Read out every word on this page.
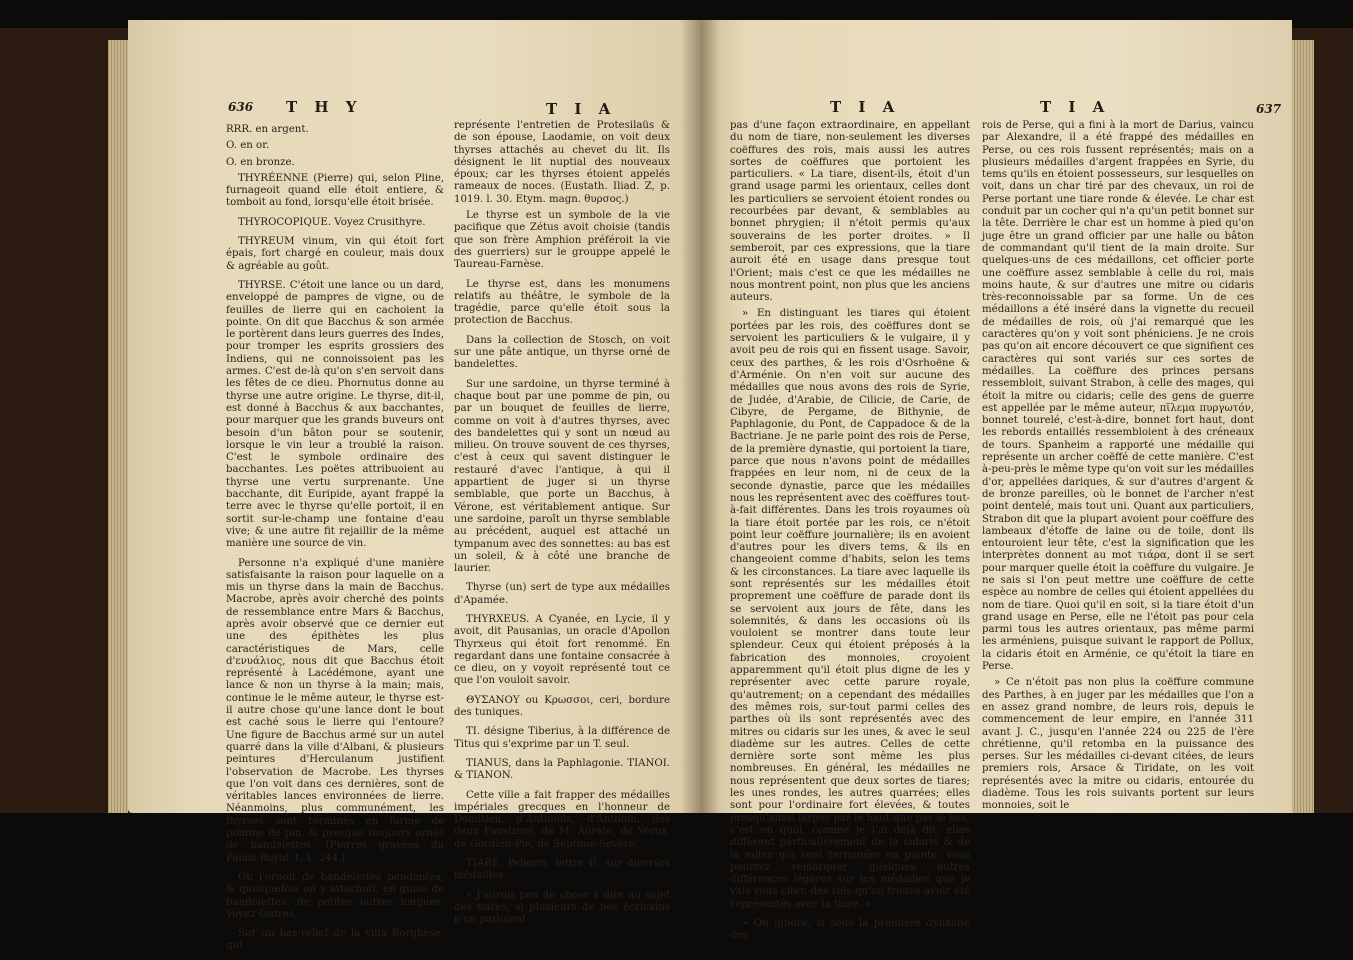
636 T H Y	T I A

RRR. en argent.

O. en or.

O. en bronze.

THYRÉENNE (Pierre) qui, selon Pline, furnageoit quand elle étoit entiere, & tomboit au fond, lorsqu'elle étoit brisée.

THYROCOPIQUE. Voyez Crusithyre.

THYREUM vinum, vin qui étoit fort épais, fort chargé en couleur, mais doux & agréable au goût.

THYRSE. C'étoit une lance ou un dard, enveloppé de pampres de vigne, ou de feuilles de lierre qui en cachoient la pointe. On dit que Bacchus & son armée le portèrent dans leurs guerres des Indes, pour tromper les esprits grossiers des Indiens, qui ne connoissoient pas les armes. C'est de-là qu'on s'en servoit dans les fêtes de ce dieu. Phornutus donne au thyrse une autre origine. Le thyrse, dit-il, est donné à Bacchus & aux bacchantes, pour marquer que les grands buveurs ont besoin d'un bâton pour se soutenir, lorsque le vin leur a troublé la raison. C'est le symbole ordinaire des bacchantes. Les poëtes attribuoient au thyrse une vertu surprenante. Une bacchante, dit Euripide, ayant frappé la terre avec le thyrse qu'elle portoit, il en sortit sur-le-champ une fontaine d'eau vive; & une autre fit rejaillir de la même manière une source de vin.

Personne n'a expliqué d'une manière satisfaisante la raison pour laquelle on a mis un thyrse dans la main de Bacchus. Macrobe, après avoir cherché des points de ressemblance entre Mars & Bacchus, après avoir observé que ce dernier eut une des épithètes les plus caractéristiques de Mars, celle d'ενυάλιος, nous dit que Bacchus étoit représenté à Lacédémone, ayant une lance & non un thyrse à la main; mais, continue le le même auteur, le thyrse est-il autre chose qu'une lance dont le bout est caché sous le lierre qui l'entoure? Une figure de Bacchus armé sur un autel quarré dans la ville d'Albani, & plusieurs peintures d'Herculanum justifient l'observation de Macrobe. Les thyrses que l'on voit dans ces dernières, sont de véritables lances environnées de lierre. Néanmoins, plus communément, les thyrses sont terminés en forme de pomme de pin, & presque toujours ornés de bandelettes. (Pierres gravées du Palais-Royal, t. 1, 244.)

On l'ornoit de bandelettes pendantes, & quelquefois on y attachoit, en guise de bandelettes, de petites outres longues. Voyez Outres.

Sur un bas-relief de la villa Borghèse, qui

représente l'entretien de Protesilaüs & de son épouse, Laodamie, on voit deux thyrses attachés au chevet du lit. Ils désignent le lit nuptial des nouveaux époux; car les thyrses étoient appelés rameaux de noces. (Eustath. Iliad. Z, p. 1019. l. 30. Etym. magn. θυρσος.)

Le thyrse est un symbole de la vie pacifique que Zétus avoit choisie (tandis que son frère Amphion préféroit la vie des guerriers) sur le grouppe appelé le Taureau-Farnèse.

Le thyrse est, dans les monumens relatifs au théâtre, le symbole de la tragédie, parce qu'elle étoit sous la protection de Bacchus.

Dans la collection de Stosch, on voit sur une pâte antique, un thyrse orné de bandelettes.

Sur une sardoine, un thyrse terminé à chaque bout par une pomme de pin, ou par un bouquet de feuilles de lierre, comme on voit à d'autres thyrses, avec des bandelettes qui y sont un nœud au milieu. On trouve souvent de ces thyrses, c'est à ceux qui savent distinguer le restauré d'avec l'antique, à qui il appartient de juger si un thyrse semblable, que porte un Bacchus, à Vérone, est véritablement antique. Sur une sardoine, paroît un thyrse semblable au précédent, auquel est attaché un tympanum avec des sonnettes: au bas est un soleil, & à côté une branche de laurier.

Thyrse (un) sert de type aux médailles d'Apamée.

THYRXEUS. A Cyanée, en Lycie, il y avoit, dit Pausanias, un oracle d'Apollon Thyrxeus qui étoit fort renommé. En regardant dans une fontaine consacrée à ce dieu, on y voyoit représenté tout ce que l'on vouloit savoir.

ΘΥΣΑΝΟΥ ou Κρωσσοι, ceri, bordure des tuniques.

TI. désigne Tiberius, à la différence de Titus qui s'exprime par un T. seul.

TIANUS, dans la Paphlagonie. TIANOI. & TIANON.

Cette ville a fait frapper des médailles impériales grecques en l'honneur de Domitien, d'Antinoüs, d'Antonin, des deux Faustines, de M. Aurèle, de Vérus, de Gordien-Pie, de Septime-Sévère.

TIARE. Pellerin, lettre II, sur diverses médailles.

« J'aurois peu de chose à dire au sujet des tiares, si plusieurs de nos écrivains n'en parloient

T I A	T I A	637

pas d'une façon extraordinaire, en appellant du nom de tiare, non-seulement les diverses coëffures des rois, mais aussi les autres sortes de coëffures que portoient les particuliers. « La tiare, disent-ils, étoit d'un grand usage parmi les orientaux, celles dont les particuliers se servoient étoient rondes ou recourbées par devant, & semblables au bonnet phrygien; il n'étoit permis qu'aux souverains de les porter droites. » Il semberoit, par ces expressions, que la tiare auroit été en usage dans presque tout l'Orient; mais c'est ce que les médailles ne nous montrent point, non plus que les anciens auteurs.

» En distinguant les tiares qui étoient portées par les rois, des coëffures dont se servoient les particuliers & le vulgaire, il y avoit peu de rois qui en fissent usage. Savoir, ceux des parthes, & les rois d'Osrhoëne & d'Arménie. On n'en voit sur aucune des médailles que nous avons des rois de Syrie, de Judée, d'Arabie, de Cilicie, de Carie, de Cibyre, de Pergame, de Bithynie, de Paphlagonie, du Pont, de Cappadoce & de la Bactriane. Je ne parle point des rois de Perse, de la première dynastie, qui portoient la tiare, parce que nous n'avons point de médailles frappées en leur nom, ni de ceux de la seconde dynastie, parce que les médailles nous les représentent avec des coëffures tout-à-fait différentes. Dans les trois royaumes où la tiare étoit portée par les rois, ce n'étoit point leur coëffure journalière; ils en avoient d'autres pour les divers tems, & ils en changeoient comme d'habits, selon les tems & les circonstances. La tiare avec laquelle ils sont représentés sur les médailles étoit proprement une coëffure de parade dont ils se servoient aux jours de fête, dans les solemnités, & dans les occasions où ils vouloient se montrer dans toute leur splendeur. Ceux qui étoient préposés à la fabrication des monnoies, croyoient apparemment qu'il étoit plus digne de les y représenter avec cette parure royale, qu'autrement; on a cependant des médailles des mêmes rois, sur-tout parmi celles des parthes où ils sont représentés avec des mitres ou cidaris sur les unes, & avec le seul diadème sur les autres. Celles de cette dernière sorte sont même les plus nombreuses. En général, les médailles ne nous représentent que deux sortes de tiares; les unes rondes, les autres quarrées; elles sont pour l'ordinaire fort élevées, & toutes presqu'aussi larges par le haut que par le bas, c'est en quoi, comme je l'ai déjà dit, elles diffèrent particulièrement de la cidaris & de la mitre qui sont terminées en pointe; vous pourrez remarquer quelques autres différences légères sur les médailles que je vais vous citer, des rois qu'on trouve avoir été représentés avec la tiare. »

» On ignore, si sous la première dynastie des

rois de Perse, qui a fini à la mort de Darius, vaincu par Alexandre, il a été frappé des médailles en Perse, ou ces rois fussent représentés; mais on a plusieurs médailles d'argent frappées en Syrie, du tems qu'ils en étoient possesseurs, sur lesquelles on voit, dans un char tiré par des chevaux, un roi de Perse portant une tiare ronde & élevée. Le char est conduit par un cocher qui n'a qu'un petit bonnet sur la tête. Derrière le char est un homme à pied qu'on juge être un grand officier par une halle ou bâton de commandant qu'il tient de la main droite. Sur quelques-uns de ces médaillons, cet officier porte une coëffure assez semblable à celle du roi, mais moins haute, & sur d'autres une mitre ou cidaris très-reconnoissable par sa forme. Un de ces médaillons a été inséré dans la vignette du recueil de médailles de rois, où j'ai remarqué que les caractères qu'on y voit sont phéniciens. Je ne crois pas qu'on ait encore découvert ce que signifient ces caractères qui sont variés sur ces sortes de médailles. La coëffure des princes persans ressembloit, suivant Strabon, à celle des mages, qui étoit la mitre ou cidaris; celle des gens de guerre est appellée par le même auteur, πῖλεμα πυργωτόν, bonnet tourelé, c'est-à-dire, bonnet fort haut, dont les rebords entaillés ressembloient à des créneaux de tours. Spanheim a rapporté une médaille qui représente un archer coëffé de cette manière. C'est à-peu-près le même type qu'on voit sur les médailles d'or, appellées dariques, & sur d'autres d'argent & de bronze pareilles, où le bonnet de l'archer n'est point dentelé, mais tout uni. Quant aux particuliers, Strabon dit que la plupart avoient pour coëffure des lambeaux d'étoffe de laine ou de toile, dont ils entouroient leur tête, c'est la signification que les interprètes donnent au mot τιάρα, dont il se sert pour marquer quelle étoit la coëffure du vulgaire. Je ne sais si l'on peut mettre une coëffure de cette espèce au nombre de celles qui étoient appellées du nom de tiare. Quoi qu'il en soit, si la tiare étoit d'un grand usage en Perse, elle ne l'étoit pas pour cela parmi tous les autres orientaux, pas même parmi les arméniens, puisque suivant le rapport de Pollux, la cidaris étoit en Arménie, ce qu'étoit la tiare en Perse.

» Ce n'étoit pas non plus la coëffure commune des Parthes, à en juger par les médailles que l'on a en assez grand nombre, de leurs rois, depuis le commencement de leur empire, en l'année 311 avant J. C., jusqu'en l'année 224 ou 225 de l'ère chrétienne, qu'il retomba en la puissance des perses. Sur les médailles ci-devant citées, de leurs premiers rois, Arsace & Tiridate, on les voit représentés avec la mitre ou cidaris, entourée du diadème. Tous les rois suivants portent sur leurs monnoies, soit le
